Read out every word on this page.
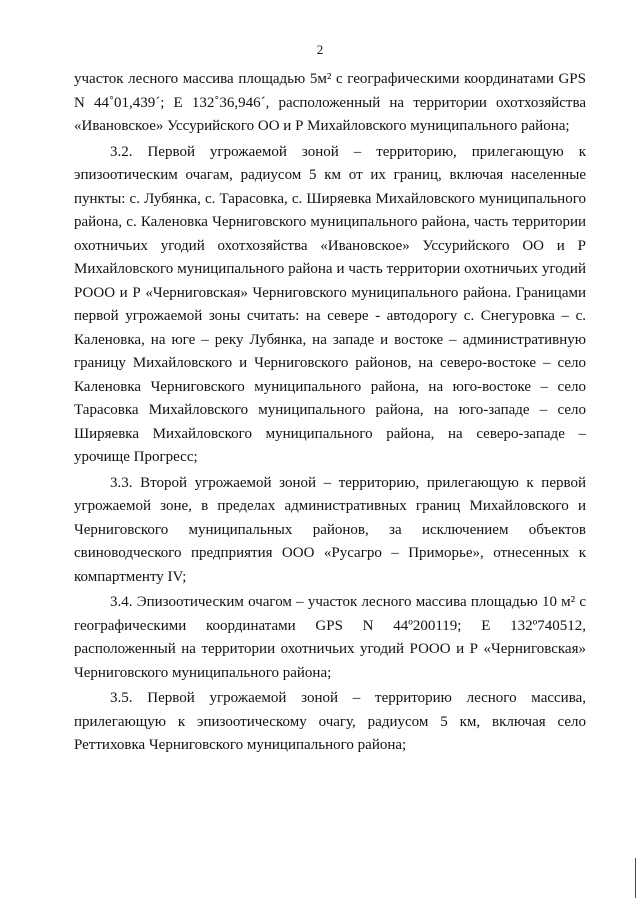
2

участок лесного массива площадью 5м² с географическими координатами GPS N 44˚01,439´; E 132˚36,946´, расположенный на территории охотхозяйства «Ивановское» Уссурийского ОО и Р Михайловского муниципального района;

3.2. Первой угрожаемой зоной – территорию, прилегающую к эпизоотическим очагам, радиусом 5 км от их границ, включая населенные пункты: с. Лубянка, с. Тарасовка, с. Ширяевка Михайловского муниципального района, с. Каленовка Черниговского муниципального района, часть территории охотничьих угодий охотхозяйства «Ивановское» Уссурийского ОО и Р Михайловского муниципального района и часть территории охотничьих угодий РООО и Р «Черниговская» Черниговского муниципального района. Границами первой угрожаемой зоны считать: на севере - автодорогу с. Снегуровка – с. Каленовка, на юге – реку Лубянка, на западе и востоке – административную границу Михайловского и Черниговского районов, на северо-востоке – село Каленовка Черниговского муниципального района, на юго-востоке – село Тарасовка Михайловского муниципального района, на юго-западе – село Ширяевка Михайловского муниципального района, на северо-западе – урочище Прогресс;

3.3. Второй угрожаемой зоной – территорию, прилегающую к первой угрожаемой зоне, в пределах административных границ Михайловского и Черниговского муниципальных районов, за исключением объектов свиноводческого предприятия ООО «Русагро – Приморье», отнесенных к компартменту IV;

3.4. Эпизоотическим очагом – участок лесного массива площадью 10 м² с географическими координатами GPS N 44º200119; E 132º740512, расположенный на территории охотничьих угодий РООО и Р «Черниговская» Черниговского муниципального района;

3.5. Первой угрожаемой зоной – территорию лесного массива, прилегающую к эпизоотическому очагу, радиусом 5 км, включая село Реттиховка Черниговского муниципального района;
